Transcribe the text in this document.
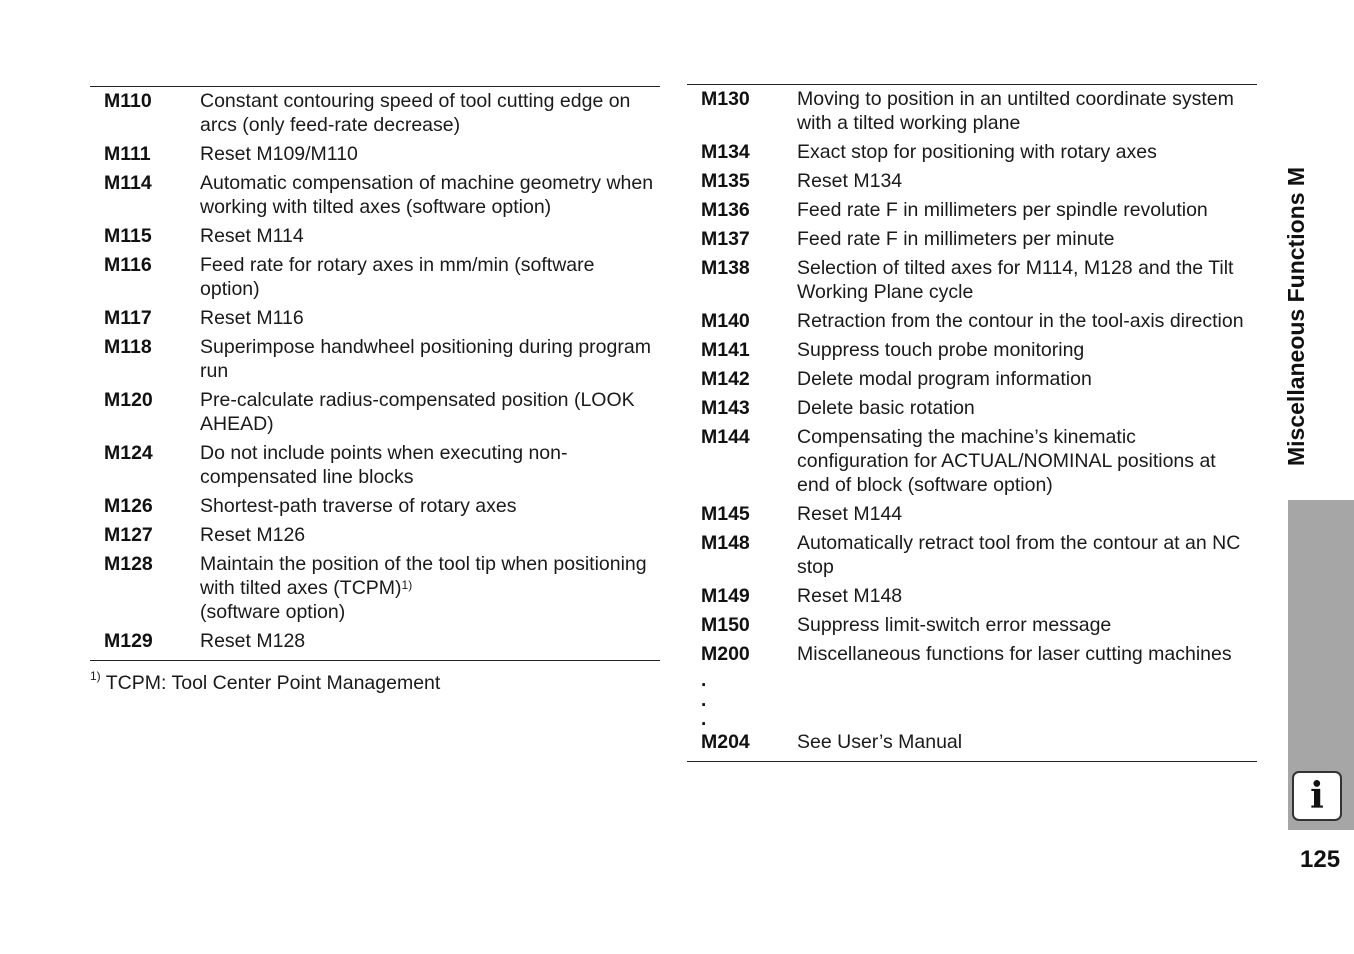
M110	Constant contouring speed of tool cutting edge on arcs (only feed-rate decrease)
M111	Reset M109/M110
M114	Automatic compensation of machine geometry when working with tilted axes (software option)
M115	Reset M114
M116	Feed rate for rotary axes in mm/min (software option)
M117	Reset M116
M118	Superimpose handwheel positioning during program run
M120	Pre-calculate radius-compensated position (LOOK AHEAD)
M124	Do not include points when executing non-compensated line blocks
M126	Shortest-path traverse of rotary axes
M127	Reset M126
M128	Maintain the position of the tool tip when positioning with tilted axes (TCPM)$^{1)}$
(software option)
M129	Reset M128
$^{1)}$ TCPM: Tool Center Point Management
M130	Moving to position in an untilted coordinate system with a tilted working plane
M134	Exact stop for positioning with rotary axes
M135	Reset M134
M136	Feed rate F in millimeters per spindle revolution
M137	Feed rate F in millimeters per minute
M138	Selection of tilted axes for M114, M128 and the Tilt Working Plane cycle
M140	Retraction from the contour in the tool-axis direction
M141	Suppress touch probe monitoring
M142	Delete modal program information
M143	Delete basic rotation
M144	Compensating the machine’s kinematic configuration for ACTUAL/NOMINAL positions at end of block (software option)
M145	Reset M144
M148	Automatically retract tool from the contour at an NC stop
M149	Reset M148
M150	Suppress limit-switch error message
M200	Miscellaneous functions for laser cutting machines
.
.
.
M204	See User’s Manual
Miscellaneous Functions M
i
125
